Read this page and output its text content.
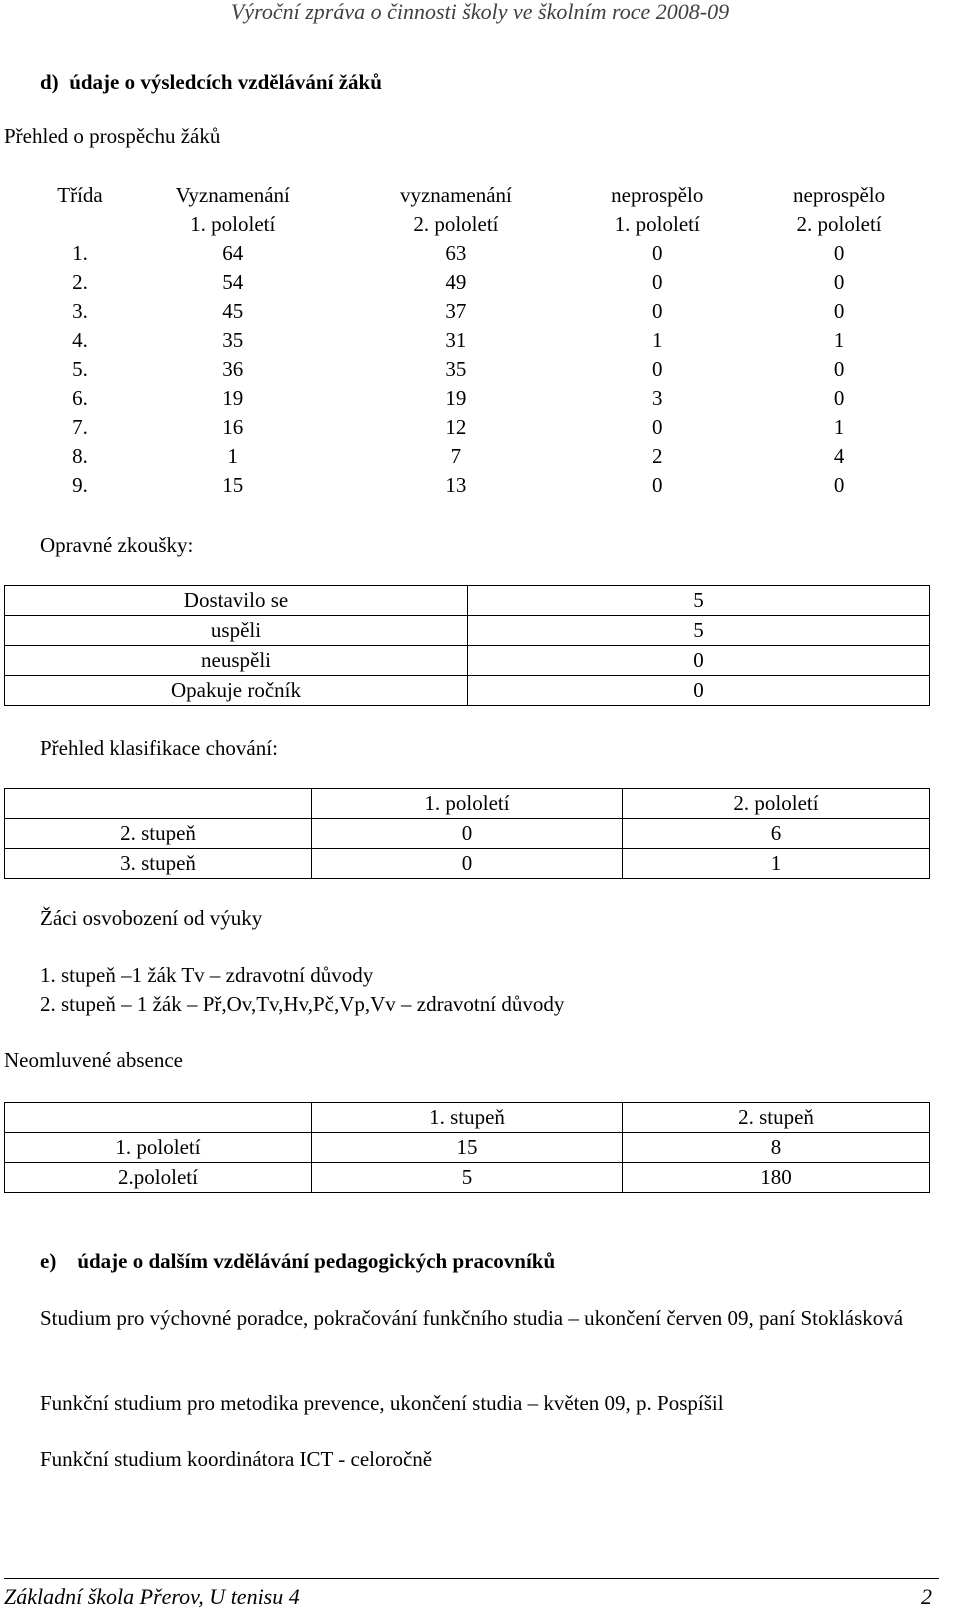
Výroční zpráva o činnosti školy ve školním roce 2008-09
d) údaje o výsledcích vzdělávání žáků
Přehled o prospěchu žáků
Třída	Vyznamenání	vyznamenání	neprospělo	neprospělo
	1. pololetí	2. pololetí	1. pololetí	2. pololetí
1.	64	63	0	0
2.	54	49	0	0
3.	45	37	0	0
4.	35	31	1	1
5.	36	35	0	0
6.	19	19	3	0
7.	16	12	0	1
8.	1	7	2	4
9.	15	13	0	0
Opravné zkoušky:
Dostavilo se	5
uspěli	5
neuspěli	0
Opakuje ročník	0
Přehled klasifikace chování:
	1. pololetí	2. pololetí
2. stupeň	0	6
3. stupeň	0	1
Žáci osvobození od výuky
1. stupeň –1 žák Tv – zdravotní důvody
2. stupeň – 1 žák – Př,Ov,Tv,Hv,Pč,Vp,Vv – zdravotní důvody
Neomluvené absence
	1. stupeň	2. stupeň
1. pololetí	15	8
2.pololetí	5	180
e) údaje o dalším vzdělávání pedagogických pracovníků
Studium pro výchovné poradce, pokračování funkčního studia – ukončení červen 09, paní Stoklásková
Funkční studium pro metodika prevence, ukončení studia – květen 09, p. Pospíšil
Funkční studium koordinátora ICT - celoročně
Základní škola Přerov, U tenisu 4	2
